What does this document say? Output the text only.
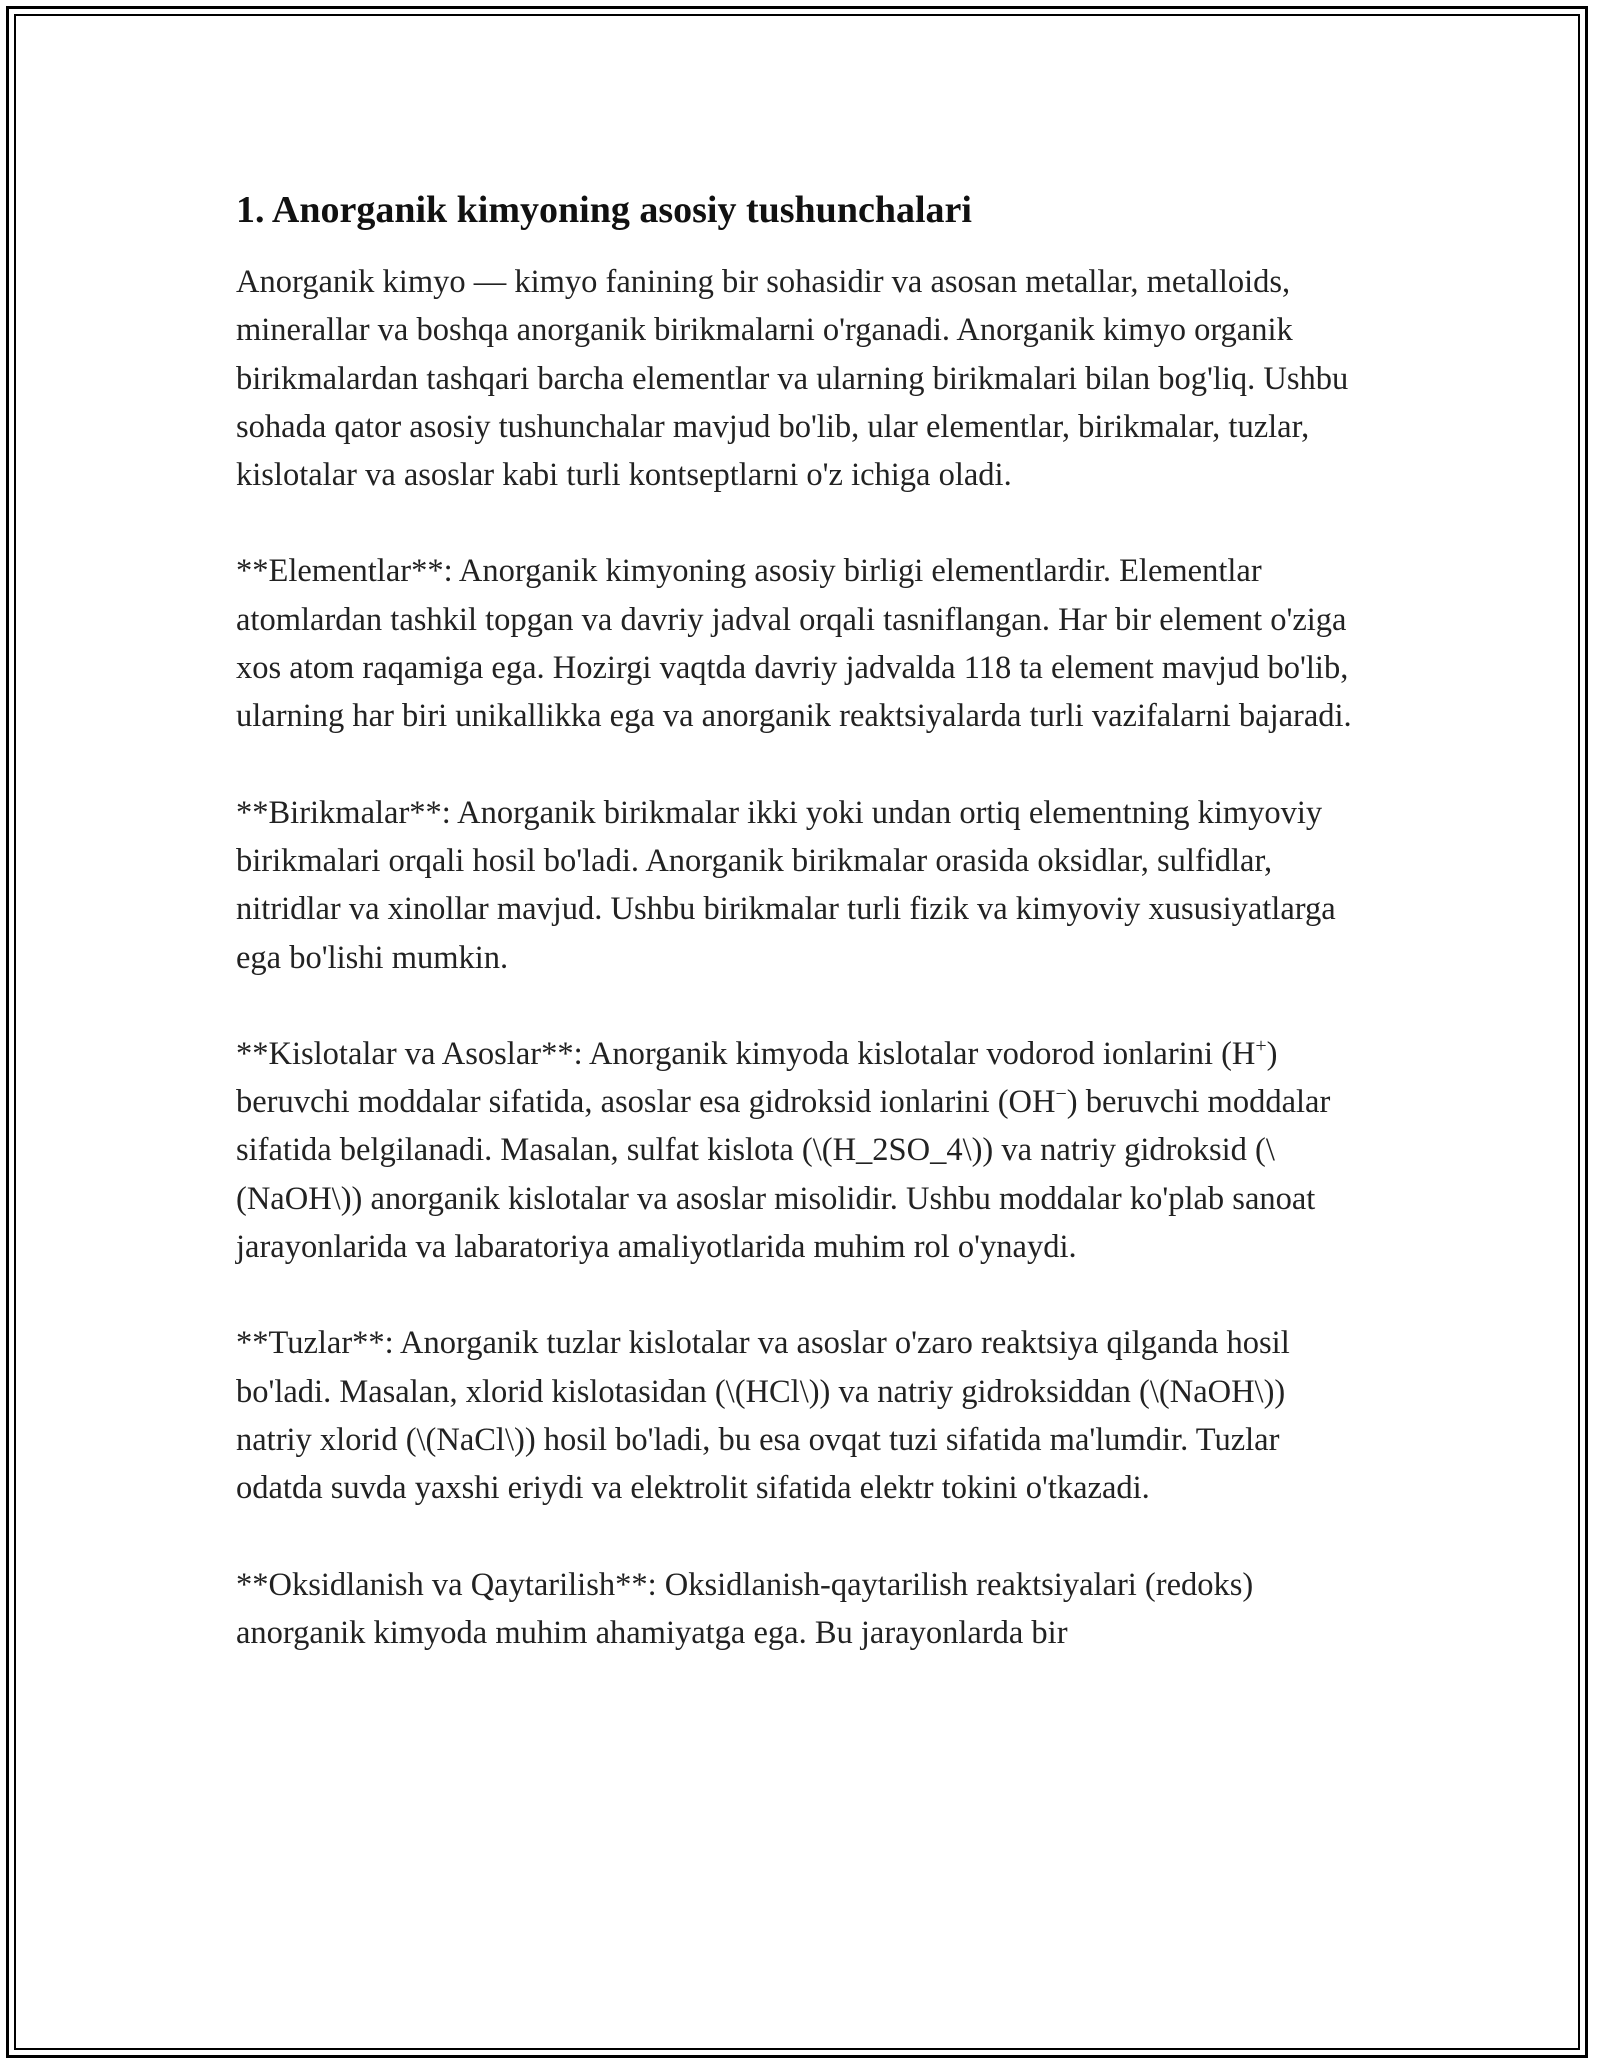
1. Anorganik kimyoning asosiy tushunchalari

Anorganik kimyo — kimyo fanining bir sohasidir va asosan metallar, metalloids, minerallar va boshqa anorganik birikmalarni o'rganadi. Anorganik kimyo organik birikmalardan tashqari barcha elementlar va ularning birikmalari bilan bog'liq. Ushbu sohada qator asosiy tushunchalar mavjud bo'lib, ular elementlar, birikmalar, tuzlar, kislotalar va asoslar kabi turli kontseptlarni o'z ichiga oladi.

**Elementlar**: Anorganik kimyoning asosiy birligi elementlardir. Elementlar atomlardan tashkil topgan va davriy jadval orqali tasniflangan. Har bir element o'ziga xos atom raqamiga ega. Hozirgi vaqtda davriy jadvalda 118 ta element mavjud bo'lib, ularning har biri unikallikka ega va anorganik reaktsiyalarda turli vazifalarni bajaradi.

**Birikmalar**: Anorganik birikmalar ikki yoki undan ortiq elementning kimyoviy birikmalari orqali hosil bo'ladi. Anorganik birikmalar orasida oksidlar, sulfidlar, nitridlar va xinollar mavjud. Ushbu birikmalar turli fizik va kimyoviy xususiyatlarga ega bo'lishi mumkin.

**Kislotalar va Asoslar**: Anorganik kimyoda kislotalar vodorod ionlarini (H+) beruvchi moddalar sifatida, asoslar esa gidroksid ionlarini (OH−) beruvchi moddalar sifatida belgilanadi. Masalan, sulfat kislota (\(H_2SO_4\)) va natriy gidroksid (\(NaOH\)) anorganik kislotalar va asoslar misolidir. Ushbu moddalar ko'plab sanoat jarayonlarida va labaratoriya amaliyotlarida muhim rol o'ynaydi.

**Tuzlar**: Anorganik tuzlar kislotalar va asoslar o'zaro reaktsiya qilganda hosil bo'ladi. Masalan, xlorid kislotasidan (\(HCl\)) va natriy gidroksiddan (\(NaOH\)) natriy xlorid (\(NaCl\)) hosil bo'ladi, bu esa ovqat tuzi sifatida ma'lumdir. Tuzlar odatda suvda yaxshi eriydi va elektrolit sifatida elektr tokini o'tkazadi.

**Oksidlanish va Qaytarilish**: Oksidlanish-qaytarilish reaktsiyalari (redoks) anorganik kimyoda muhim ahamiyatga ega. Bu jarayonlarda bir
